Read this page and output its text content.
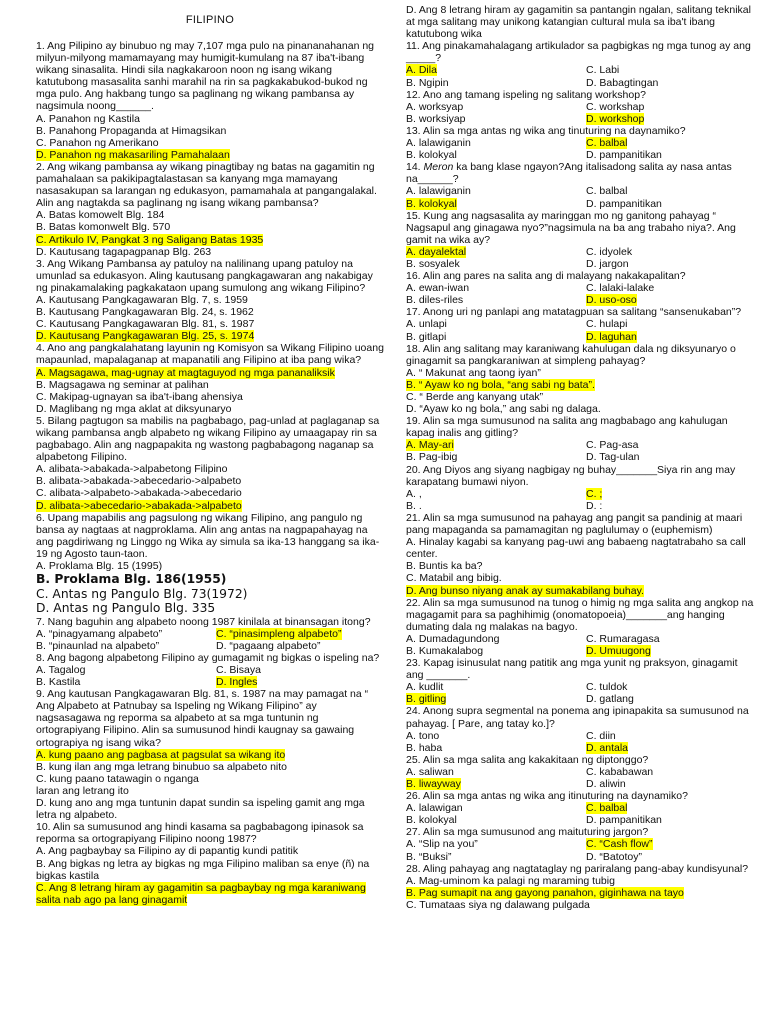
FILIPINO

1. Ang Pilipino ay binubuo ng may 7,107 mga pulo na pinananahanan ng milyun-milyong mamamayang may humigit-kumulang na 87 iba't-ibang wikang sinasalita. Hindi sila nagkakaroon noon ng isang wikang katutubong masasalita sanhi marahil na rin sa pagkakabukod-bukod ng mga pulo. Ang hakbang tungo sa paglinang ng wikang pambansa ay nagsimula noong______.

A. Panahon ng Kastila

B. Panahong Propaganda at Himagsikan

C. Panahon ng Amerikano

D. Panahon ng makasariling Pamahalaan

2. Ang wikang pambansa ay wikang pinagtibay ng batas na gagamitin ng pamahalaan sa pakikipagtalastasan sa kanyang mga mamayang nasasakupan sa larangan ng edukasyon, pamamahala at pangangalakal. Alin ang nagtakda sa paglinang ng isang wikang pambansa?

A. Batas komowelt Blg. 184

B. Batas komonwelt Blg. 570

C. Artikulo IV, Pangkat 3 ng Saligang Batas 1935

D. Kautusang tagapagpanap Blg. 263

3. Ang Wikang Pambansa ay patuloy na nalilinang upang patuloy na umunlad sa edukasyon. Aling kautusang pangkagawaran ang nakabigay ng pinakamalaking pagkakataon upang sumulong ang wikang Filipino?

A. Kautusang Pangkagawaran Blg. 7, s. 1959

B. Kautusang Pangkagawaran Blg. 24, s. 1962

C. Kautusang Pangkagawaran Blg. 81, s. 1987

D. Kautusang Pangkagawaran Blg. 25, s. 1974

4. Ano ang pangkalahatang layunin ng Komisyon sa Wikang Filipino uoang mapaunlad, mapalaganap at mapanatili ang Filipino at iba pang wika?

A. Magsagawa, mag-ugnay at magtaguyod ng mga pananaliksik

B. Magsagawa ng seminar at palihan

C. Makipag-ugnayan sa iba't-ibang ahensiya

D. Maglibang ng mga aklat at diksyunaryo

5. Bilang pagtugon sa mabilis na pagbabago, pag-unlad at paglaganap sa wikang pambansa angb alpabeto ng wikang Filipino ay umaagapay rin sa pagbabago. Alin ang nagpapakita ng wastong pagbabagong naganap sa alpabetong Filipino.

A. alibata->abakada->alpabetong Filipino

B. alibata->abakada->abecedario->alpabeto

C. alibata->alpabeto->abakada->abecedario

D. alibata->abecedario->abakada->alpabeto

6. Upang mapabilis ang pagsulong ng wikang Filipino, ang pangulo ng bansa ay nagtaas at nagproklama. Alin ang antas na nagpapahayag na ang pagdiriwang ng Linggo ng Wika ay simula sa ika-13 hanggang sa ika-19 ng Agosto taun-taon.

A. Proklama Blg. 15 (1995)

B. Proklama Blg. 186(1955)

C. Antas ng Pangulo Blg. 73(1972)

D. Antas ng Pangulo Blg. 335

7. Nang baguhin ang alpabeto noong 1987 kinilala at binansagan itong?

A. “pinagyamang alpabeto”	C. “pinasimpleng alpabeto”
B. “pinaunlad na alpabeto”	D. “pagaang alpabeto”

8. Ang bagong alpabetong Filipino ay gumagamit ng bigkas o ispeling na?

A. Tagalog	C. Bisaya
B. Kastila	D. Ingles

9. Ang kautusan Pangkagawaran Blg. 81, s. 1987 na may pamagat na “ Ang Alpabeto at Patnubay sa Ispeling ng Wikang Filipino” ay nagsasagawa ng reporma sa alpabeto at sa mga tuntunin ng ortograpiyang Filipino. Alin sa sumusunod hindi kaugnay sa gawaing ortograpiya ng isang wika?

A. kung paano ang pagbasa at pagsulat sa wikang ito

B. kung ilan ang mga letrang binubuo sa alpabeto nito

C. kung paano tatawagin o nganga

laran ang letrang ito

D. kung ano ang mga tuntunin dapat sundin sa ispeling gamit ang mga letra ng alpabeto.

10. Alin sa sumusunod ang hindi kasama sa pagbabagong ipinasok sa reporma sa ortograpiyang Filipino noong 1987?

A. Ang pagbaybay sa Filipino ay di papantig kundi patitik

B. Ang bigkas ng letra ay bigkas ng mga Filipino maliban sa enye (ñ) na bigkas kastila

C. Ang 8 letrang hiram ay gagamitin sa pagbaybay ng mga karaniwang salita nab ago pa lang ginagamit

D. Ang 8 letrang hiram ay gagamitin sa pantangin ngalan, salitang teknikal at mga salitang may unikong katangian cultural mula sa iba't ibang katutubong wika

11. Ang pinakamahalagang artikulador sa pagbigkas ng mga tunog ay ang _____?

A. Dila	C. Labi
B. Ngipin	D. Babagtingan

12. Ano ang tamang ispeling ng salitang workshop?

A. worksyap	C. workshap
B. worksiyap	D. workshop

13. Alin sa mga antas ng wika ang tinuturing na daynamiko?

A. lalawiganin	C. balbal
B. kolokyal	D. pampanitikan

14. Meron ka bang klase ngayon?Ang italisadong salita ay nasa antas

na______?

A. lalawiganin	C. balbal
B. kolokyal	D. pampanitikan

15. Kung ang nagsasalita ay maringgan mo ng ganitong pahayag “ Nagsapul ang ginagawa nyo?”nagsimula na ba ang trabaho niya?. Ang gamit na wika ay?

A. dayalektal	C. idyolek
B. sosyalek	D. jargon

16. Alin ang pares na salita ang di malayang nakakapalitan?

A. ewan-iwan	C. lalaki-lalake
B. diles-riles	D. uso-oso

17. Anong uri ng panlapi ang matatagpuan sa salitang “sansenukaban”?

A. unlapi	C. hulapi
B. gitlapi	D. laguhan

18. Alin ang salitang may karaniwang kahulugan dala ng diksyunaryo o ginagamit sa pangkaraniwan at simpleng pahayag?

A. “ Makunat ang taong iyan”

B. “ Ayaw ko ng bola, “ang sabi ng bata”.

C. “ Berde ang kanyang utak”

D. “Ayaw ko ng bola,” ang sabi ng dalaga.

19. Alin sa mga sumusunod na salita ang magbabago ang kahulugan kapag inalis ang gitling?

A. May-ari	C. Pag-asa
B. Pag-ibig	D. Tag-ulan

20. Ang Diyos ang siyang nagbigay ng buhay_______Siya rin ang may karapatang bumawi niyon.

A. ,	C. ;
B. .	D. :

21. Alin sa mga sumusunod na pahayag ang pangit sa pandinig at maari pang mapaganda sa pamamagitan ng paglulumay o (euphemism)

A. Hinalay kagabi sa kanyang pag-uwi ang babaeng nagtatrabaho sa call center.

B. Buntis ka ba?

C. Matabil ang bibig.

D. Ang bunso niyang anak ay sumakabilang buhay.

22. Alin sa mga sumusunod na tunog o himig ng mga salita ang angkop na magagamit para sa paghihimig (onomatopoeia)_______ang hanging dumating dala ng malakas na bagyo.

A. Dumadagundong	C. Rumaragasa
B. Kumakalabog	D. Umuugong

23. Kapag isinusulat nang patitik ang mga yunit ng praksyon, ginagamit ang _______.

A. kudlit	C. tuldok
B. gitling	D. gatlang

24. Anong supra segmental na ponema ang ipinapakita sa sumusunod na pahayag. [ Pare, ang tatay ko.]?

A. tono	C. diin
B. haba	D. antala

25. Alin sa mga salita ang kakakitaan ng diptonggo?

A. saliwan	C. kababawan
B. liwayway	D. aliwin

26. Alin sa mga antas ng wika ang itinuturing na daynamiko?

A. lalawigan	C. balbal
B. kolokyal	D. pampanitikan

27. Alin sa mga sumusunod ang maituturing jargon?

A. “Slip na you”	C. “Cash flow”
B. “Buksi”	D. “Batotoy”

28. Aling pahayag ang nagtataglay ng pariralang pang-abay kundisyunal?

A. Mag-uminom ka palagi ng maraming tubig

B. Pag sumapit na ang gayong panahon, giginhawa na tayo

C. Tumataas siya ng dalawang pulgada
